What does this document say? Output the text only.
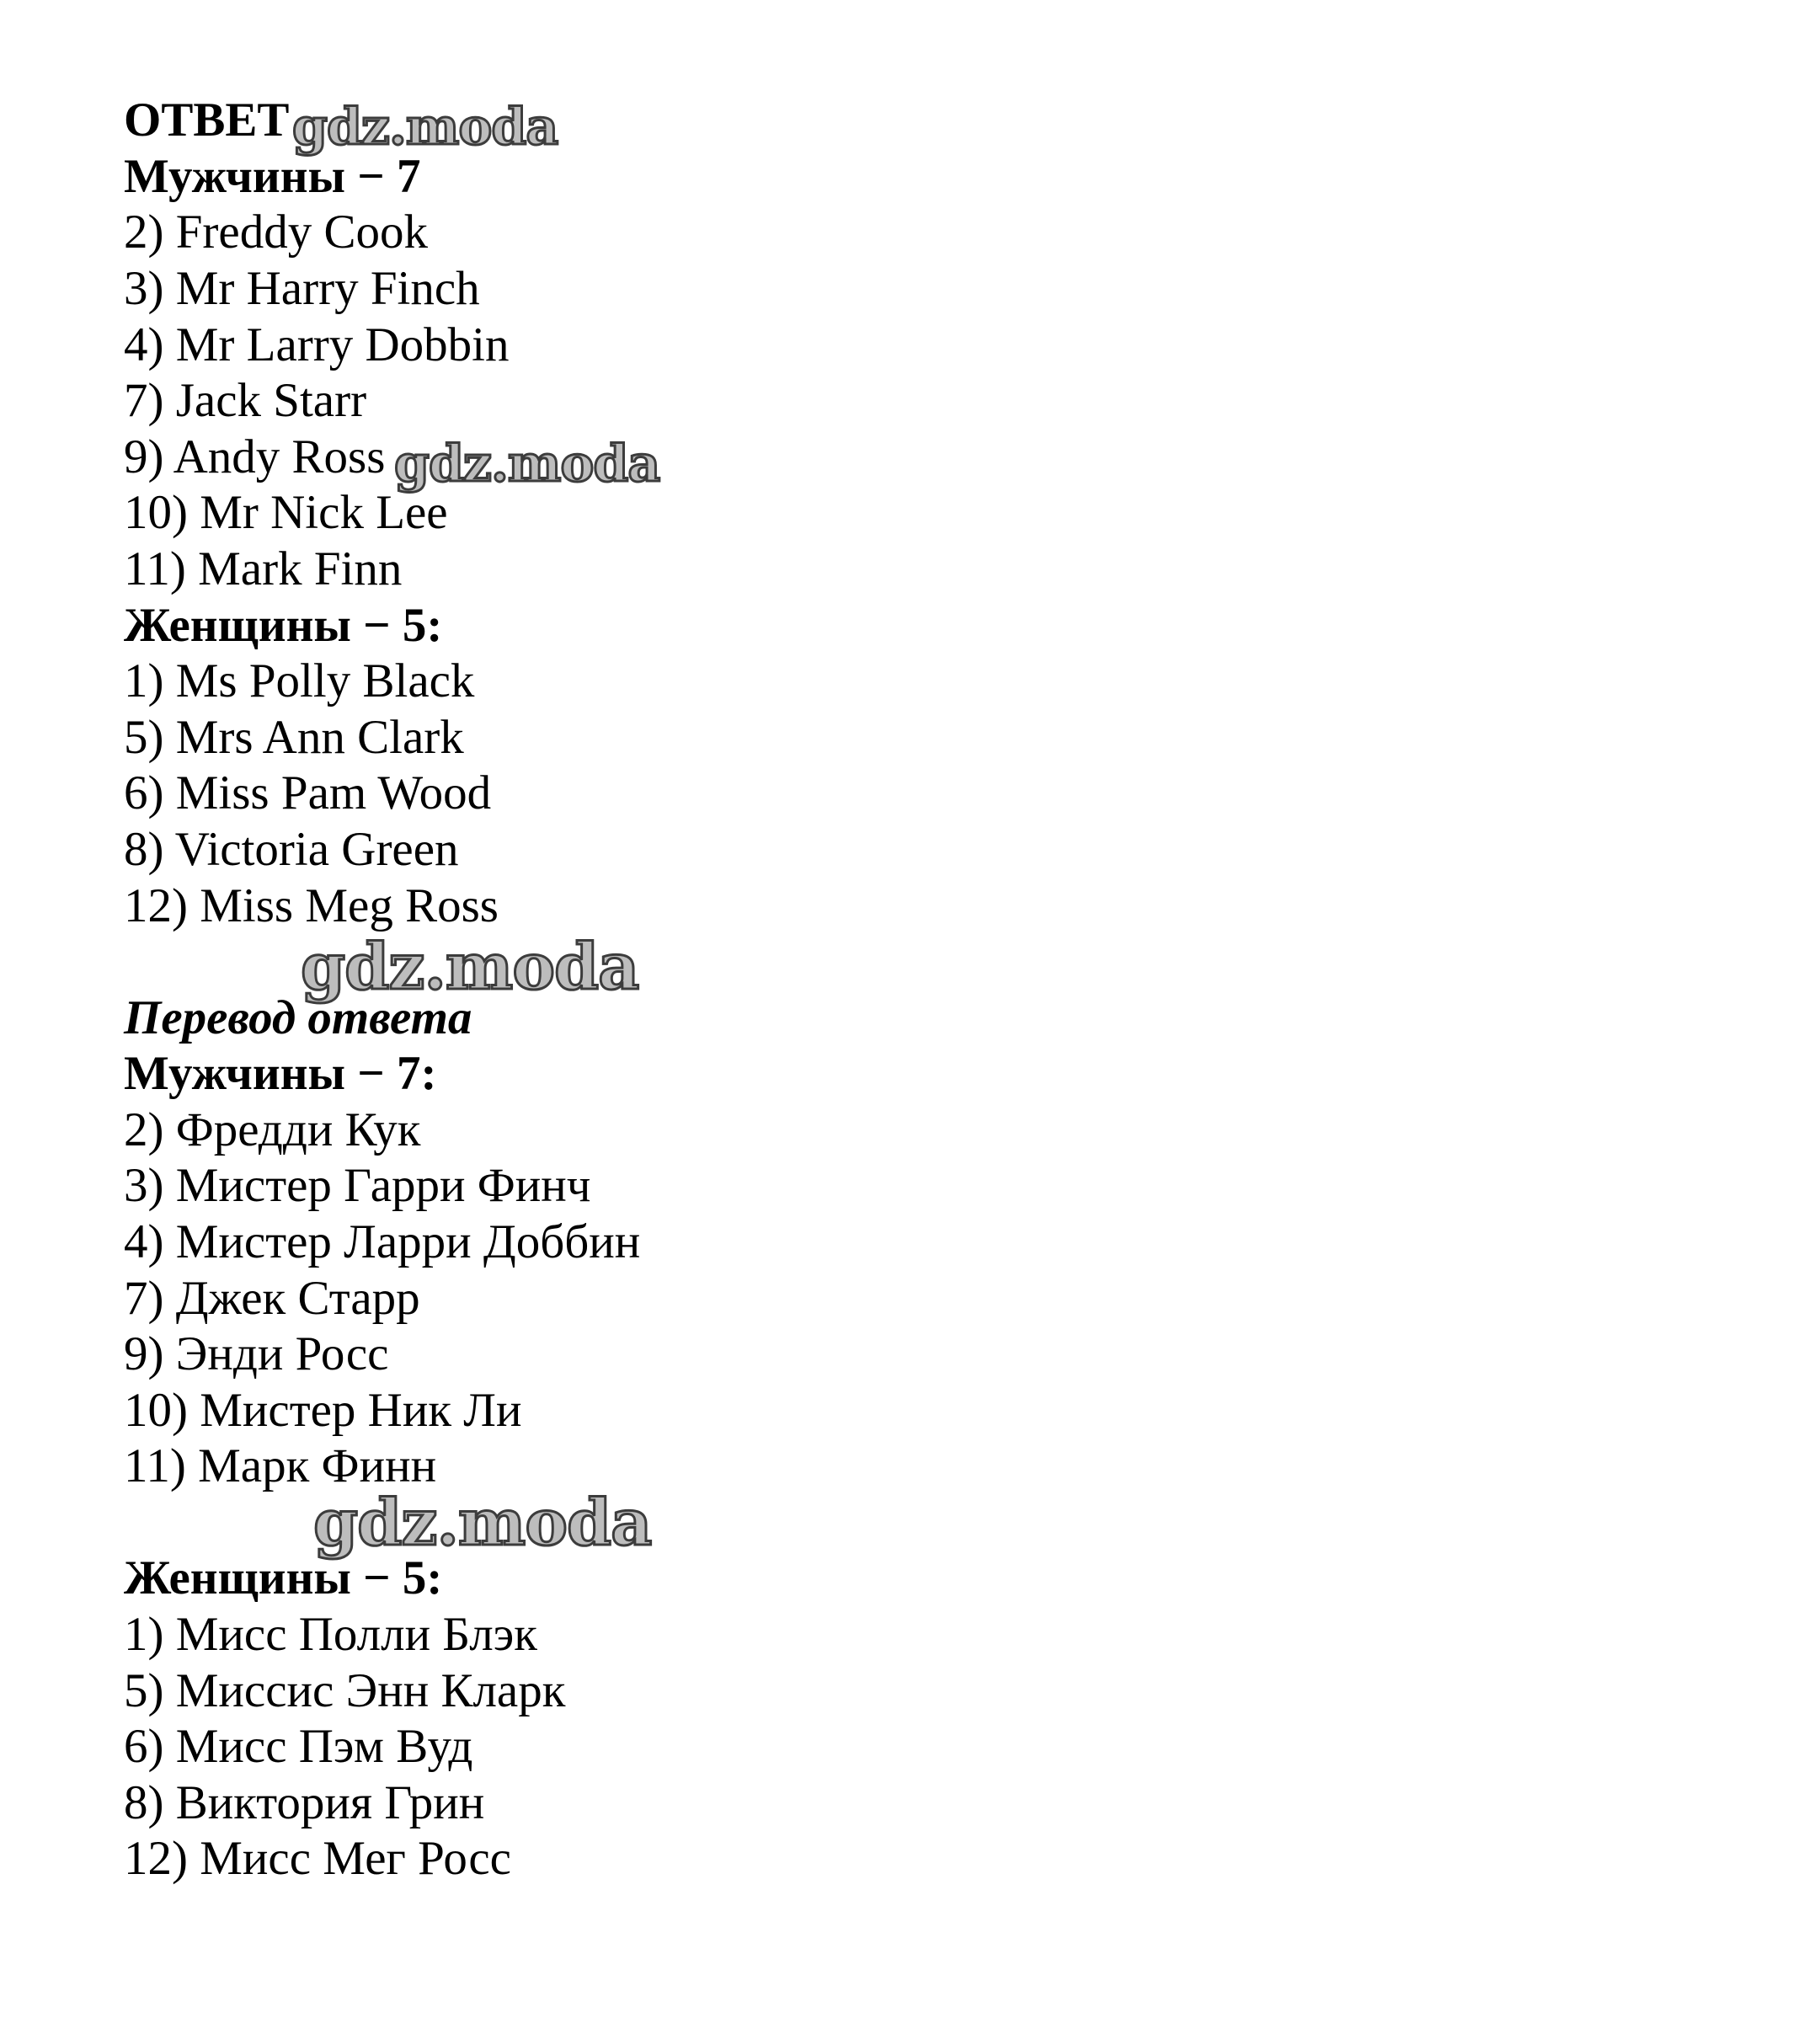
ОТВЕТ
Мужчины − 7
2) Freddy Cook
3) Mr Harry Finch
4) Mr Larry Dobbin
7) Jack Starr
9) Andy Ross
10) Mr Nick Lee
11) Mark Finn
Женщины − 5:
1) Ms Polly Black
5) Mrs Ann Clark
6) Miss Pam Wood
8) Victoria Green
12) Miss Meg Ross
Перевод ответа
Мужчины − 7:
2) Фредди Кук
3) Мистер Гарри Финч
4) Мистер Ларри Доббин
7) Джек Старр
9) Энди Росс
10) Мистер Ник Ли
11) Марк Финн
Женщины − 5:
1) Мисс Полли Блэк
5) Миссис Энн Кларк
6) Мисс Пэм Вуд
8) Виктория Грин
12) Мисс Мег Росс
gdz.moda
gdz.moda
gdz.moda
gdz.moda
